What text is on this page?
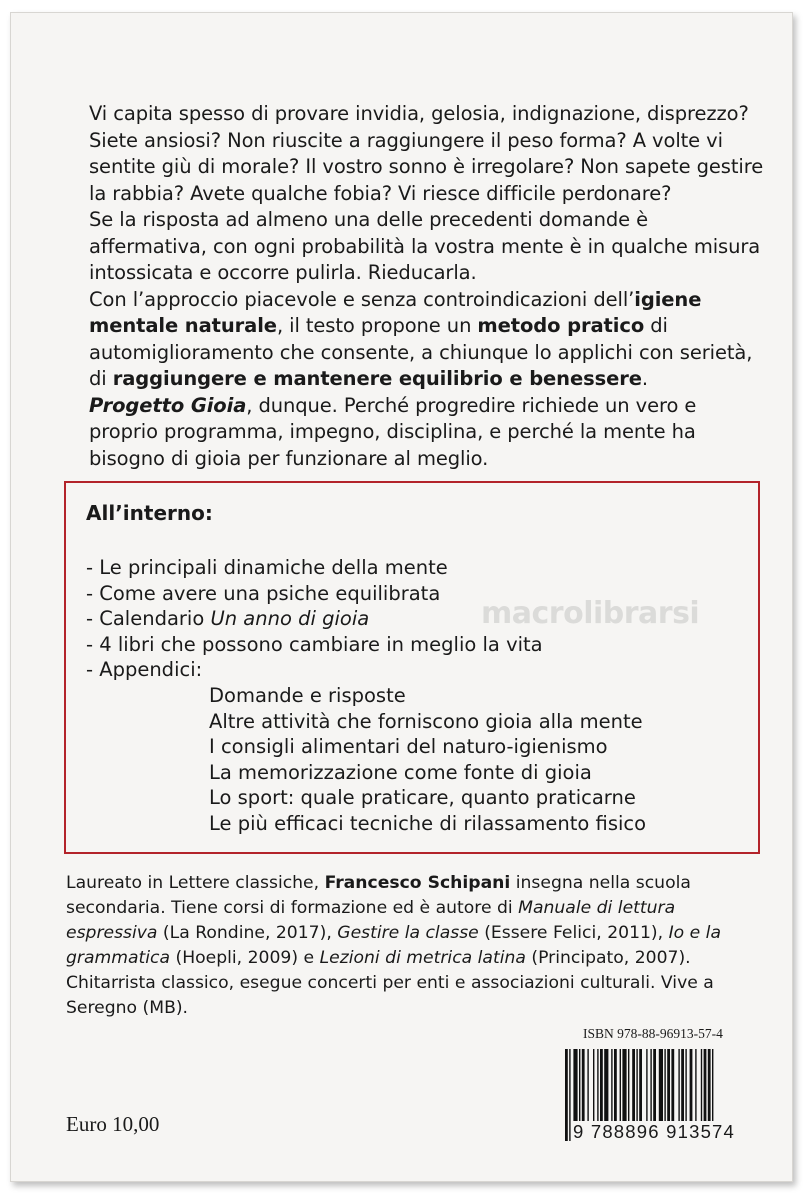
Vi capita spesso di provare invidia, gelosia, indignazione, disprezzo? Siete ansiosi? Non riuscite a raggiungere il peso forma? A volte vi sentite giù di morale? Il vostro sonno è irregolare? Non sapete gestire la rabbia? Avete qualche fobia? Vi riesce difficile perdonare?

Se la risposta ad almeno una delle precedenti domande è affermativa, con ogni probabilità la vostra mente è in qualche misura intossicata e occorre pulirla. Rieducarla.

Con l’approccio piacevole e senza controindicazioni dell’igiene mentale naturale, il testo propone un metodo pratico di automiglioramento che consente, a chiunque lo applichi con serietà, di raggiungere e mantenere equilibrio e benessere.

Progetto Gioia, dunque. Perché progredire richiede un vero e proprio programma, impegno, disciplina, e perché la mente ha bisogno di gioia per funzionare al meglio.

All’interno:
- Le principali dinamiche della mente
- Come avere una psiche equilibrata
- Calendario Un anno di gioia
- 4 libri che possono cambiare in meglio la vita
- Appendici:
Domande e risposte
Altre attività che forniscono gioia alla mente
I consigli alimentari del naturo-igienismo
La memorizzazione come fonte di gioia
Lo sport: quale praticare, quanto praticarne
Le più efficaci tecniche di rilassamento fisico
macrolibrarsi

Laureato in Lettere classiche, Francesco Schipani insegna nella scuola secondaria. Tiene corsi di formazione ed è autore di Manuale di lettura espressiva (La Rondine, 2017), Gestire la classe (Essere Felici, 2011), Io e la grammatica (Hoepli, 2009) e Lezioni di metrica latina (Principato, 2007). Chitarrista classico, esegue concerti per enti e associazioni culturali. Vive a Seregno (MB).

ISBN 978-88-96913-57-4
9 788896 913574
Euro 10,00
